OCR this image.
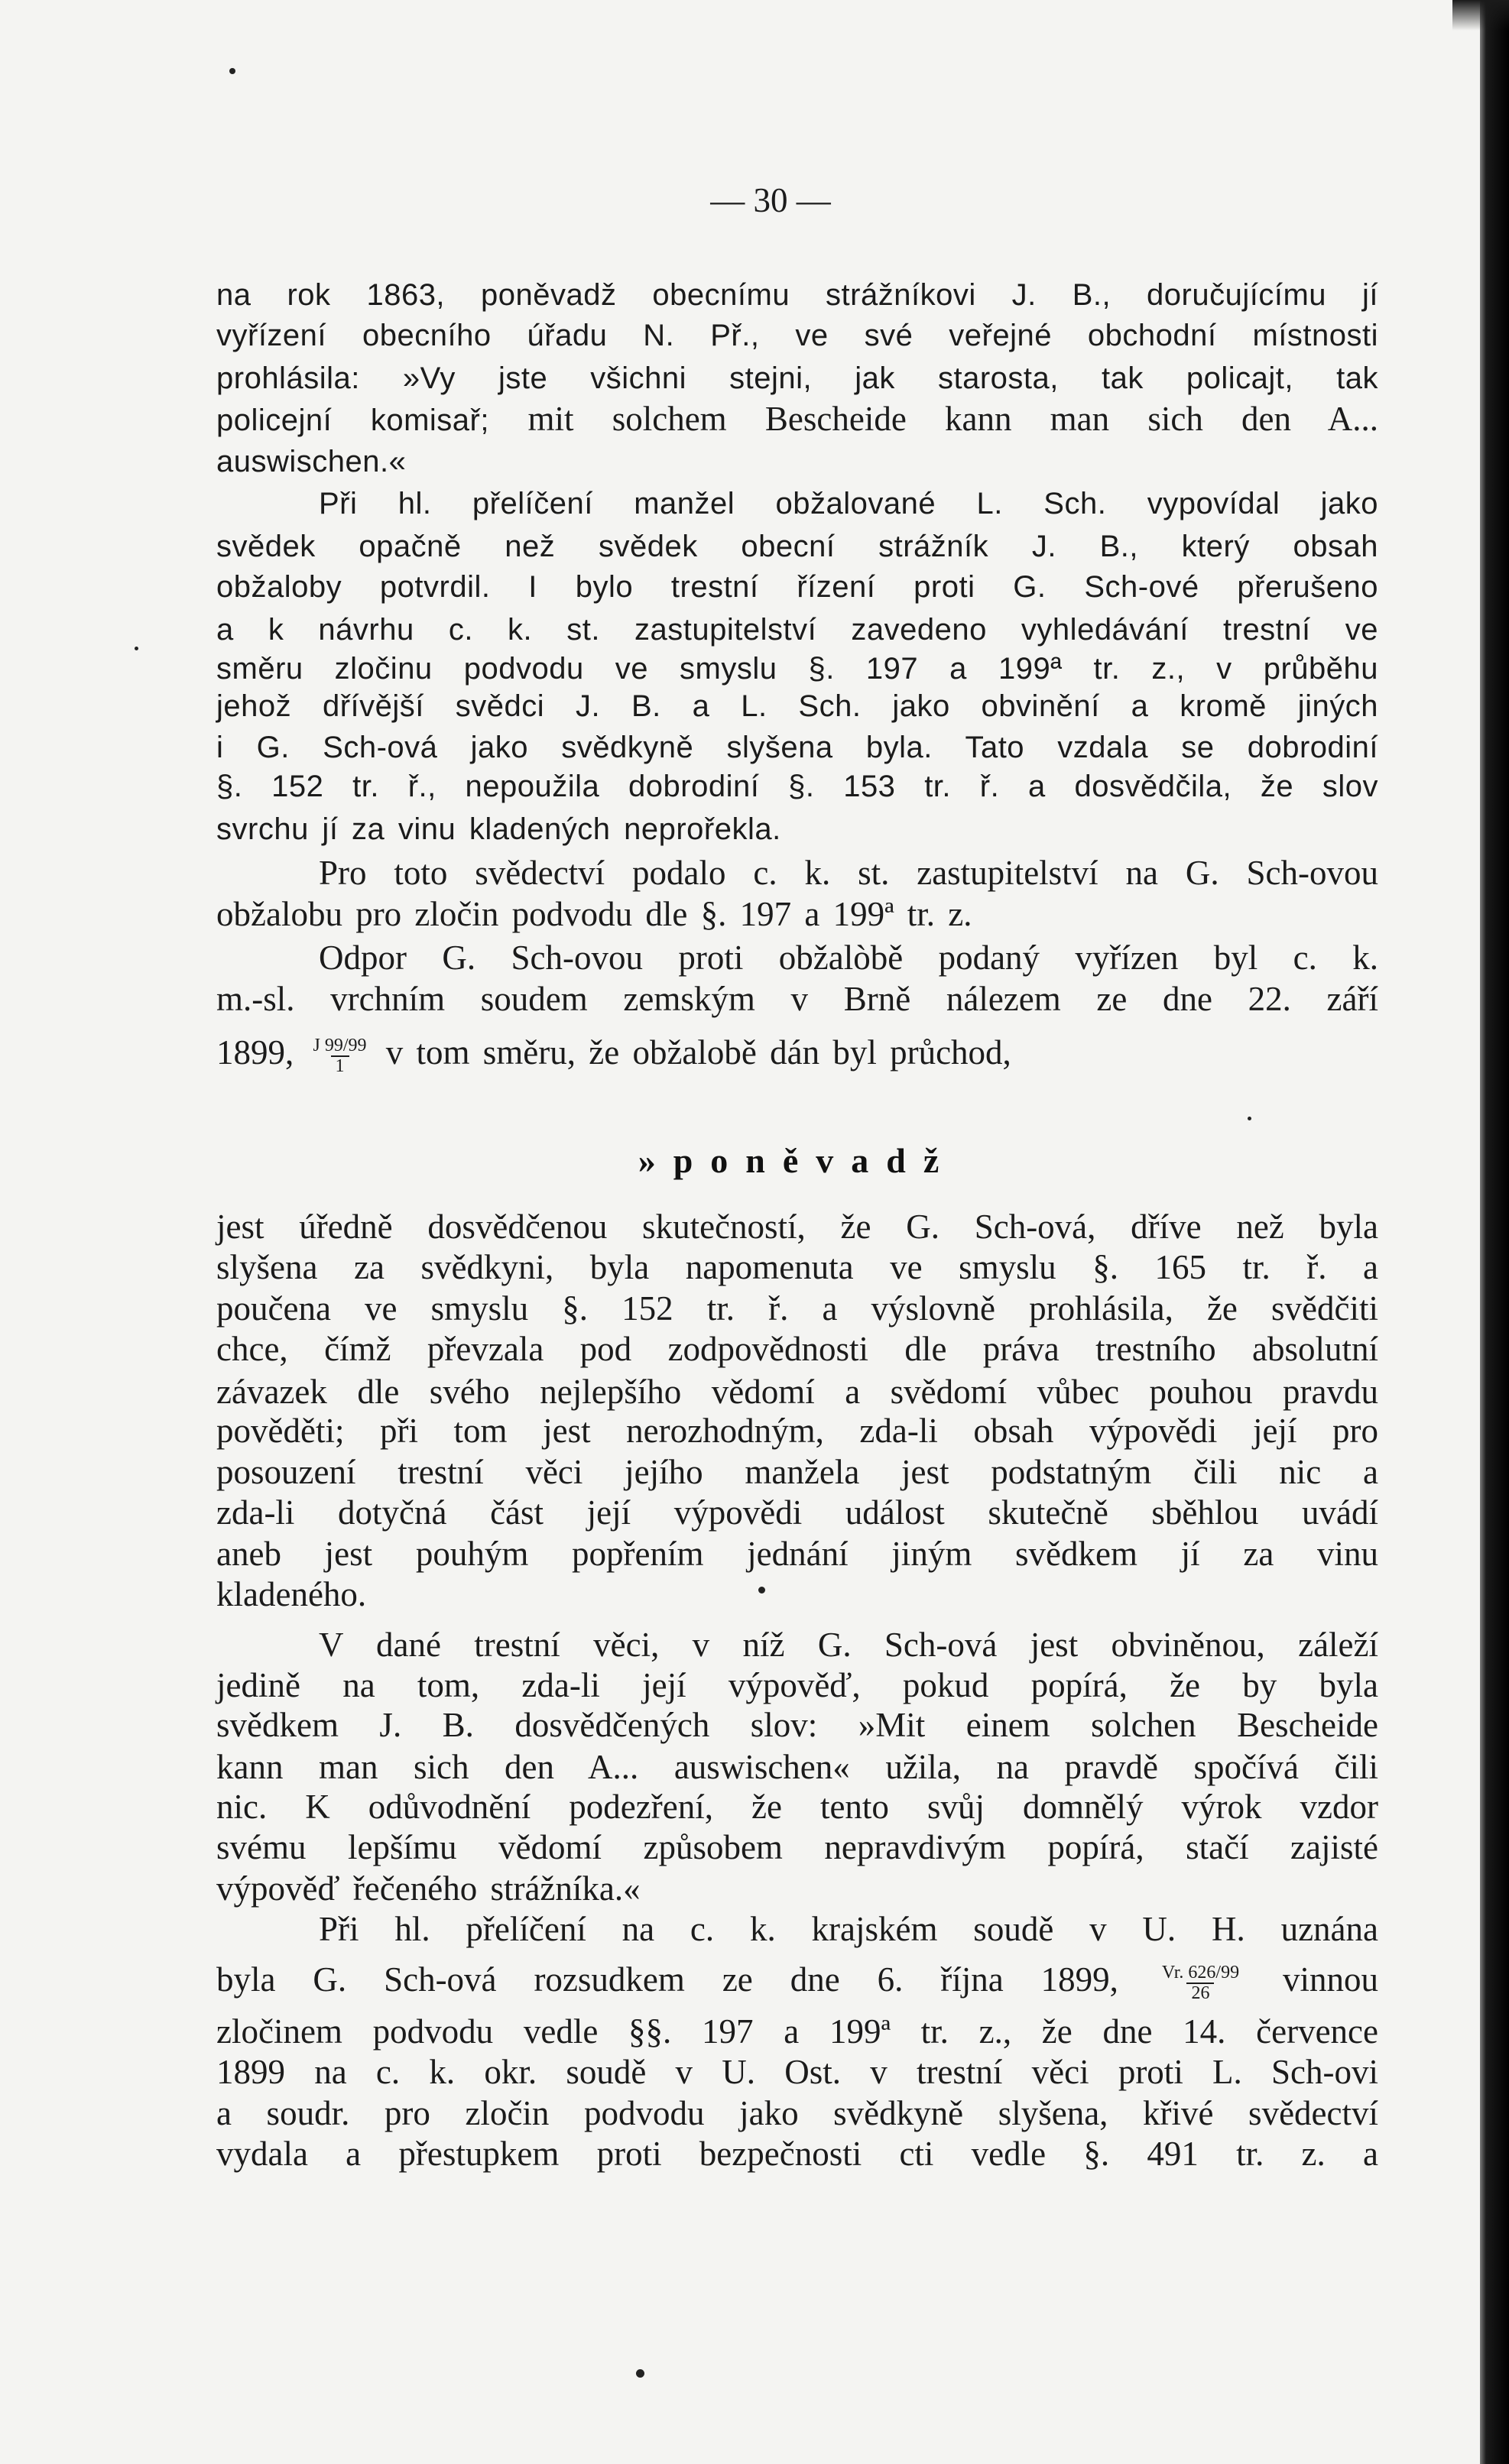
— 30 —
na rok 1863, poněvadž obecnímu strážníkovi J. B., doručujícímu jí
vyřízení obecního úřadu N. Př., ve své veřejné obchodní místnosti
prohlásila: »Vy jste všichni stejni, jak starosta, tak policajt, tak
policejní komisař; mit solchem Bescheide kann man sich den A...
auswischen.«
Při hl. přelíčení manžel obžalované L. Sch. vypovídal jako
svědek opačně než svědek obecní strážník J. B., který obsah
obžaloby potvrdil. I bylo trestní řízení proti G. Sch-ové přerušeno
a k návrhu c. k. st. zastupitelství zavedeno vyhledávání trestní ve
směru zločinu podvodu ve smyslu §. 197 a 199ª tr. z., v průběhu
jehož dřívější svědci J. B. a L. Sch. jako obvinění a kromě jiných
i G. Sch-ová jako svědkyně slyšena byla. Tato vzdala se dobrodiní
§. 152 tr. ř., nepoužila dobrodiní §. 153 tr. ř. a dosvědčila, že slov
svrchu jí za vinu kladených neprořekla.
Pro toto svědectví podalo c. k. st. zastupitelství na G. Sch-ovou
obžalobu pro zločin podvodu dle §. 197 a 199ª tr. z.
Odpor G. Sch-ovou proti obžalòbě podaný vyřízen byl c. k.
m.-sl. vrchním soudem zemským v Brně nálezem ze dne 22. září
1899, $\frac{J 99/99}{1}$ v tom směru, že obžalobě dán byl průchod,
»poněvadž
jest úředně dosvědčenou skutečností, že G. Sch-ová, dříve než byla
slyšena za svědkyni, byla napomenuta ve smyslu §. 165 tr. ř. a
poučena ve smyslu §. 152 tr. ř. a výslovně prohlásila, že svědčiti
chce, čímž převzala pod zodpovědnosti dle práva trestního absolutní
závazek dle svého nejlepšího vědomí a svědomí vůbec pouhou pravdu
pověděti; při tom jest nerozhodným, zda-li obsah výpovědi její pro
posouzení trestní věci jejího manžela jest podstatným čili nic a
zda-li dotyčná část její výpovědi událost skutečně sběhlou uvádí
aneb jest pouhým popřením jednání jiným svědkem jí za vinu
kladeného.
V dané trestní věci, v níž G. Sch-ová jest obviněnou, záleží
jedině na tom, zda-li její výpověď, pokud popírá, že by byla
svědkem J. B. dosvědčených slov: »Mit einem solchen Bescheide
kann man sich den A... auswischen« užila, na pravdě spočívá čili
nic. K odůvodnění podezření, že tento svůj domnělý výrok vzdor
svému lepšímu vědomí způsobem nepravdivým popírá, stačí zajisté
výpověď řečeného strážníka.«
Při hl. přelíčení na c. k. krajském soudě v U. H. uznána
byla G. Sch-ová rozsudkem ze dne 6. října 1899, $\frac{Vr. 626/99}{26}$ vinnou
zločinem podvodu vedle §§. 197 a 199ª tr. z., že dne 14. července
1899 na c. k. okr. soudě v U. Ost. v trestní věci proti L. Sch-ovi
a soudr. pro zločin podvodu jako svědkyně slyšena, křivé svědectví
vydala a přestupkem proti bezpečnosti cti vedle §. 491 tr. z. a
